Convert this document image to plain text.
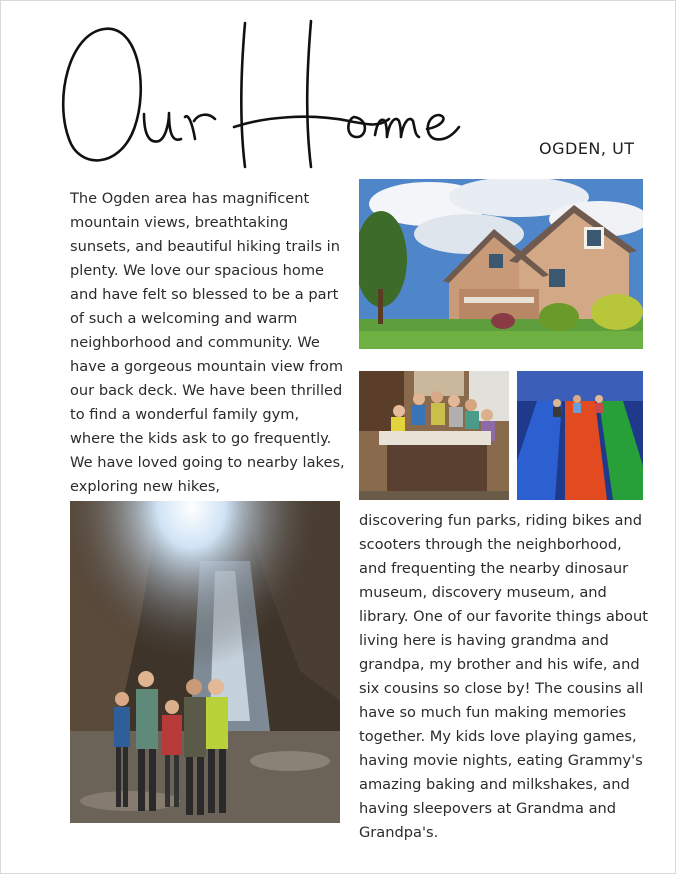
OGDEN, UT
The Ogden area has magnificent mountain views, breathtaking sunsets, and beautiful hiking trails in plenty. We love our spacious home and have felt so blessed to be a part of such a welcoming and warm neighborhood and community. We have a gorgeous mountain view from our back deck. We have been thrilled to find a wonderful family gym, where the kids ask to go frequently. We have loved going to nearby lakes, exploring new hikes,
discovering fun parks, riding bikes and scooters through the neighborhood, and frequenting the nearby dinosaur museum, discovery museum, and library. One of our favorite things about living here is having grandma and grandpa, my brother and his wife, and six cousins so close by! The cousins all have so much fun making memories together. My kids love playing games, having movie nights, eating Grammy's amazing baking and milkshakes, and having sleepovers at Grandma and Grandpa's.
